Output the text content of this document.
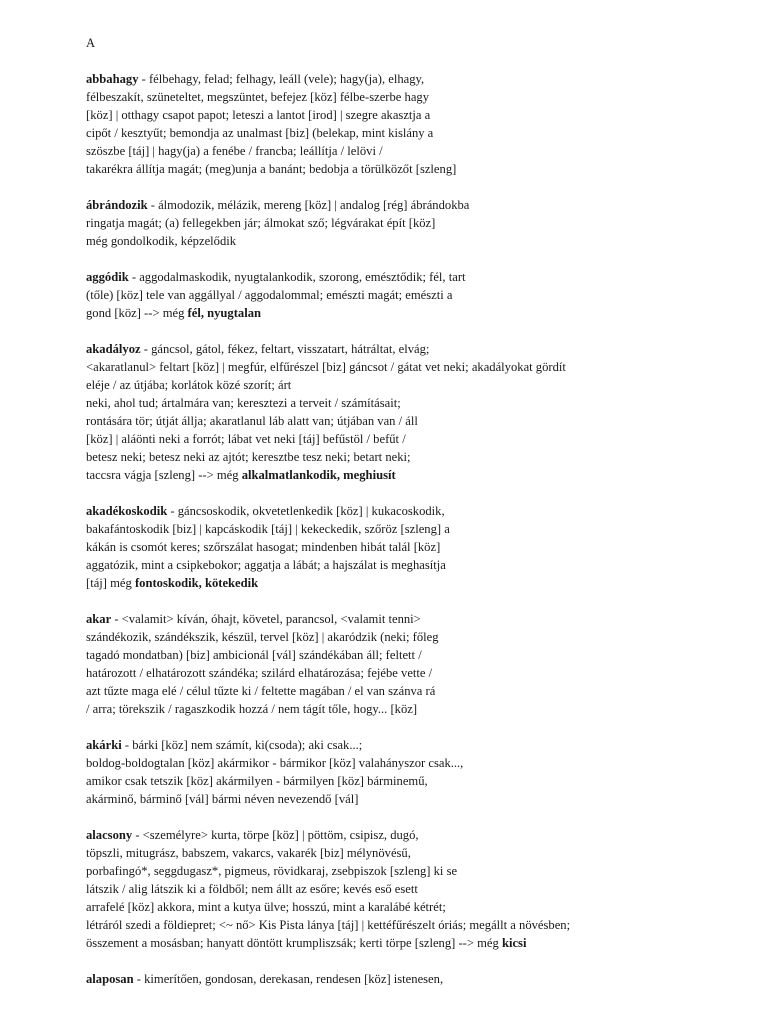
A
abbahagy - félbehagy, felad; felhagy, leáll (vele); hagy(ja), elhagy,
félbeszakít, szüneteltet, megszüntet, befejez [köz] félbe-szerbe hagy
[köz] | otthagy csapot papot; leteszi a lantot [irod] | szegre akasztja a
cipőt / kesztyűt; bemondja az unalmast [biz] (belekap, mint kislány a
szöszbe [táj] | hagy(ja) a fenébe / francba; leállítja / lelövi /
takarékra állítja magát; (meg)unja a banánt; bedobja a törülközőt [szleng]
ábrándozik - álmodozik, mélázik, mereng [köz] | andalog [rég] ábrándokba
ringatja magát; (a) fellegekben jár; álmokat sző; légvárakat épít [köz]
még gondolkodik, képzelődik
aggódik - aggodalmaskodik, nyugtalankodik, szorong, emésztődik; fél, tart
(tőle) [köz] tele van aggállyal / aggodalommal; emészti magát; emészti a
gond [köz] --> még fél, nyugtalan
akadályoz - gáncsol, gátol, fékez, feltart, visszatart, hátráltat, elvág;
<akaratlanul> feltart [köz] | megfúr, elfűrészel [biz] gáncsot / gátat vet neki; akadályokat gördít
eléje / az útjába; korlátok közé szorít; árt
neki, ahol tud; ártalmára van; keresztezi a terveit / számításait;
rontására tör; útját állja; akaratlanul láb alatt van; útjában van / áll
[köz] | aláönti neki a forrót; lábat vet neki [táj] befűstöl / befűt /
betesz neki; betesz neki az ajtót; keresztbe tesz neki; betart neki;
taccsra vágja [szleng] --> még alkalmatlankodik, meghiusít
akadékoskodik - gáncsoskodik, okvetetlenkedik [köz] | kukacoskodik,
bakafántoskodik [biz] | kapcáskodik [táj] | kekeckedik, szőröz [szleng] a
kákán is csomót keres; szőrszálat hasogat; mindenben hibát talál [köz]
aggatózik, mint a csipkebokor; aggatja a lábát; a hajszálat is meghasítja
[táj] még fontoskodik, kötekedik
akar - <valamit> kíván, óhajt, követel, parancsol, <valamit tenni>
szándékozik, szándékszik, készül, tervel [köz] | akaródzik (neki; főleg
tagadó mondatban) [biz] ambicionál [vál] szándékában áll; feltett /
határozott / elhatározott szándéka; szilárd elhatározása; fejébe vette /
azt tűzte maga elé / célul tűzte ki / feltette magában / el van szánva rá
/ arra; törekszik / ragaszkodik hozzá / nem tágít tőle, hogy... [köz]
akárki - bárki [köz] nem számít, ki(csoda); aki csak...;
boldog-boldogtalan [köz] akármikor - bármikor [köz] valahányszor csak...,
amikor csak tetszik [köz] akármilyen - bármilyen [köz] bárminemű,
akárminő, bárminő [vál] bármi néven nevezendő [vál]
alacsony - <személyre> kurta, törpe [köz] | pöttöm, csipisz, dugó,
töpszli, mitugrász, babszem, vakarcs, vakarék [biz] mélynövésű,
porbafingó*, seggdugasz*, pigmeus, rövidkaraj, zsebpiszok [szleng] ki se
látszik / alig látszik ki a földből; nem állt az esőre; kevés eső esett
arrafelé [köz] akkora, mint a kutya ülve; hosszú, mint a karalábé kétrét;
létráról szedi a földiepret; <~ nő> Kis Pista lánya [táj] | kettéfűrészelt óriás; megállt a növésben;
összement a mosásban; hanyatt döntött krumpliszsák; kerti törpe [szleng] --> még kicsi
alaposan - kimerítően, gondosan, derekasan, rendesen [köz] istenesen,
